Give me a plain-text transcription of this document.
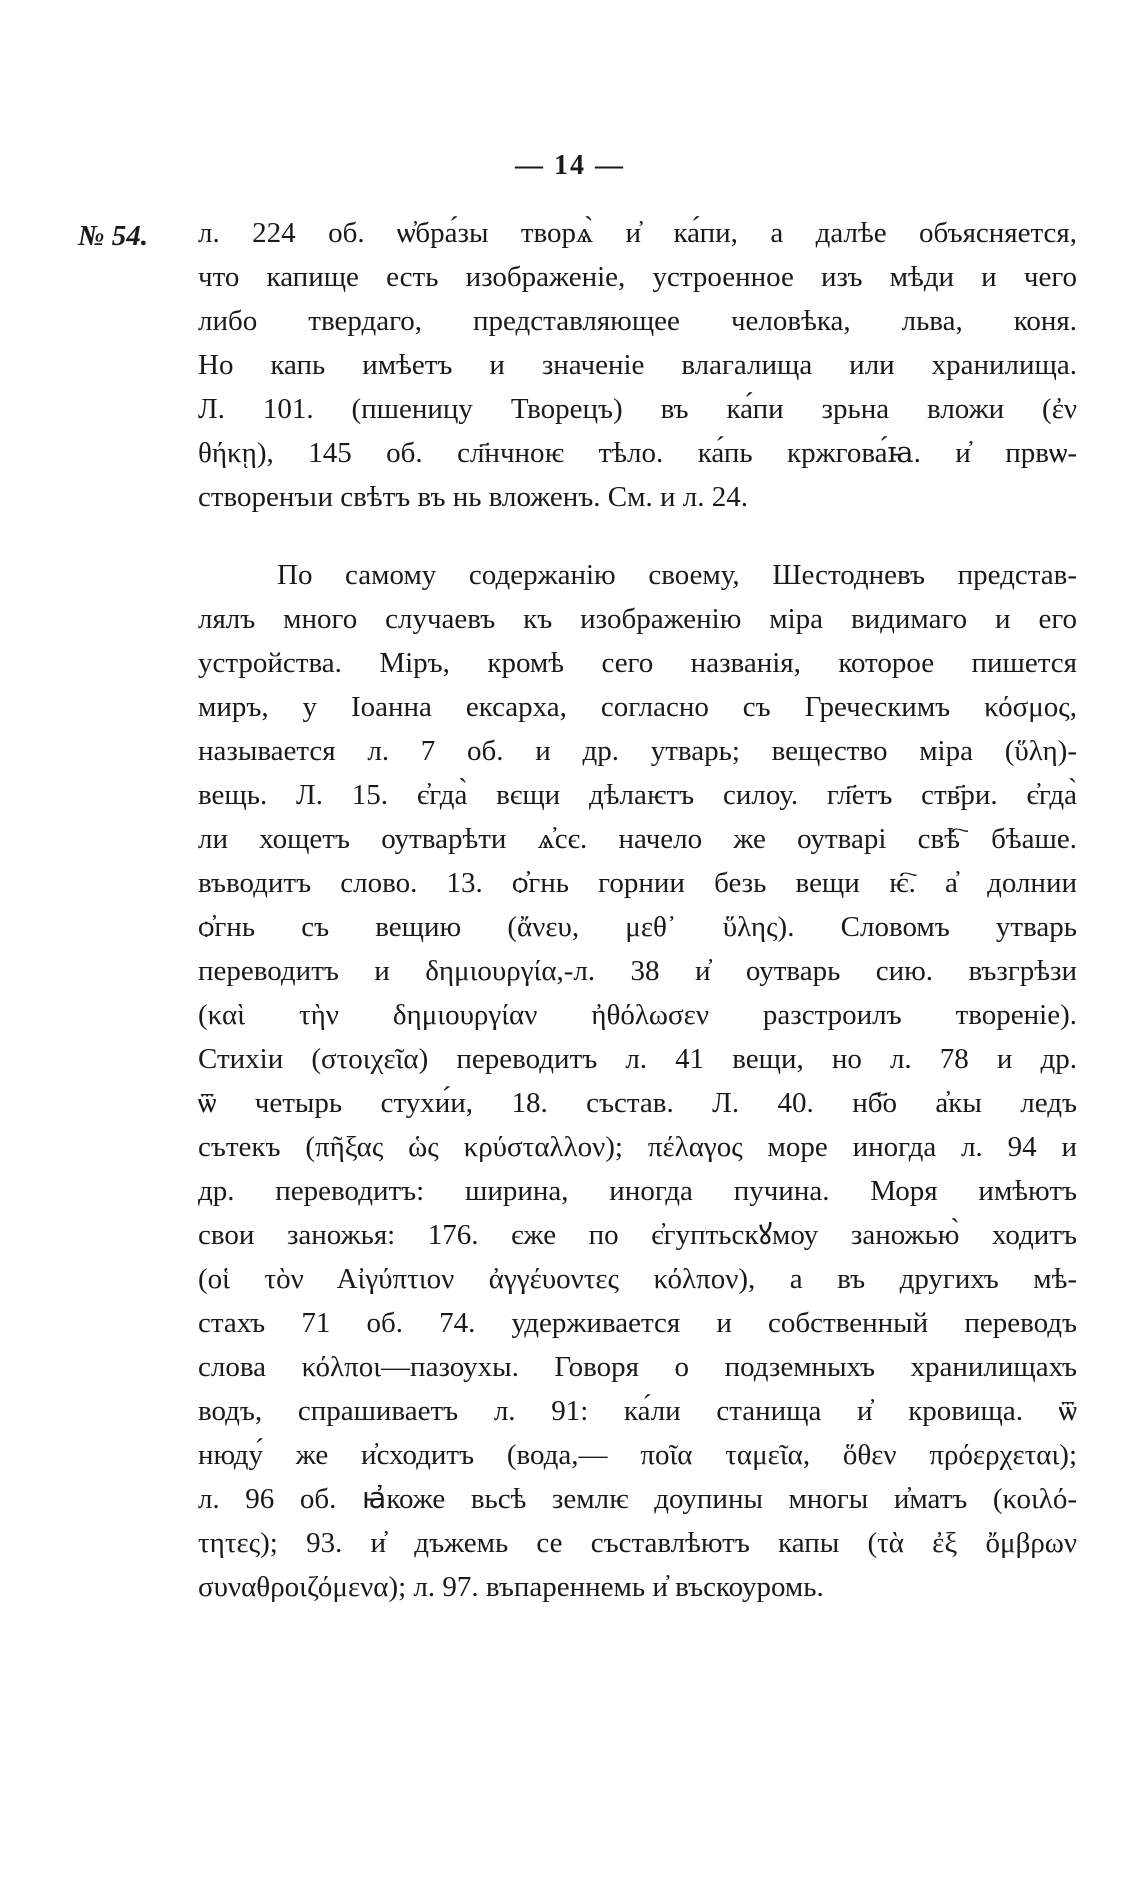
— 14 —
№ 54. л. 224 об. ѡ҆бра́зы творѧ̀ и҆ ка́пи, а далѣе объясняется,
что капище есть изображеніе, устроенное изъ мѣди и чего
либо твердаго, представляющее человѣка, льва, коня.
Но капь имѣетъ и значеніе влагалища или хранилища.
Л. 101. (пшеницу Творецъ) въ ка́пи зрьна вложи (ἐν
θήκῃ), 145 об. сл҃нчноѥ тѣло. ка́пь кржгова́ꙗ. и҆ првѡ-
створенъıи свѣтъ въ нь вложенъ. См. и л. 24.
По самому содержанію своему, Шестодневъ представ-
лялъ много случаевъ къ изображенію міра видимаго и его
устройства. Міръ, кромѣ сего названія, которое пишется
миръ, у Іоанна ексарха, согласно съ Греческимъ κόσμος,
называется л. 7 об. и др. утварь; вещество міра (ὕλη)-
вещь. Л. 15. є҆гда̀ вєщи дѣлаѥтъ силоу. гл҃етъ ств҃ри. є҆гда̀
ли хощетъ оутварѣти ѧ҆сє. начело же оутварі свѣ҇ бѣаше.
въводитъ слово. 13. ѻ҆гнь горнии безь вещи ѥ҇. а҆ долнии
ѻ҆гнь съ вещию (ἄνευ, μεθ᾽ ὕλης). Словомъ утварь
переводитъ и δημιουργία,-л. 38 и҆ оутварь сию. възгрѣзи
(καὶ τὴν δημιουργίαν ἠθόλωσεν разстроилъ твореніе).
Стихіи (στοιχεῖα) переводитъ л. 41 вещи, но л. 78 и др.
ѿ четырь стухи́и, 18. състав. Л. 40. нб҃о а҆кы ледъ
сътекъ (πῆξας ὡς κρύσταλλον); πέλαγος море иногда л. 94 и
др. переводитъ: ширина, иногда пучина. Моря имѣютъ
свои заножья: 176. єже по є҆гуптьскꙋмоу заножью̀ ходитъ
(οἱ τὸν Αἰγύπτιον ἀγγέυοντες κόλπον), а въ другихъ мѣ-
стахъ 71 об. 74. удерживается и собственный переводъ
слова κόλποι—пазоухы. Говоря о подземныхъ хранилищахъ
водъ, спрашиваетъ л. 91: ка́ли станища и҆ кровища. ѿ
нюду́ же и҆сходитъ (вода,— ποῖα ταμεῖα, ὅθεν πρόερχεται);
л. 96 об. ꙗ҆коже вьсѣ землѥ доупины многы и҆матъ (κοιλό-
τητες); 93. и҆ дъжемь се съставлѣютъ капы (τὰ ἐξ ὄμβρων
συναθροιζόμενα); л. 97. въпареннемь и҆ въскоуромь.
